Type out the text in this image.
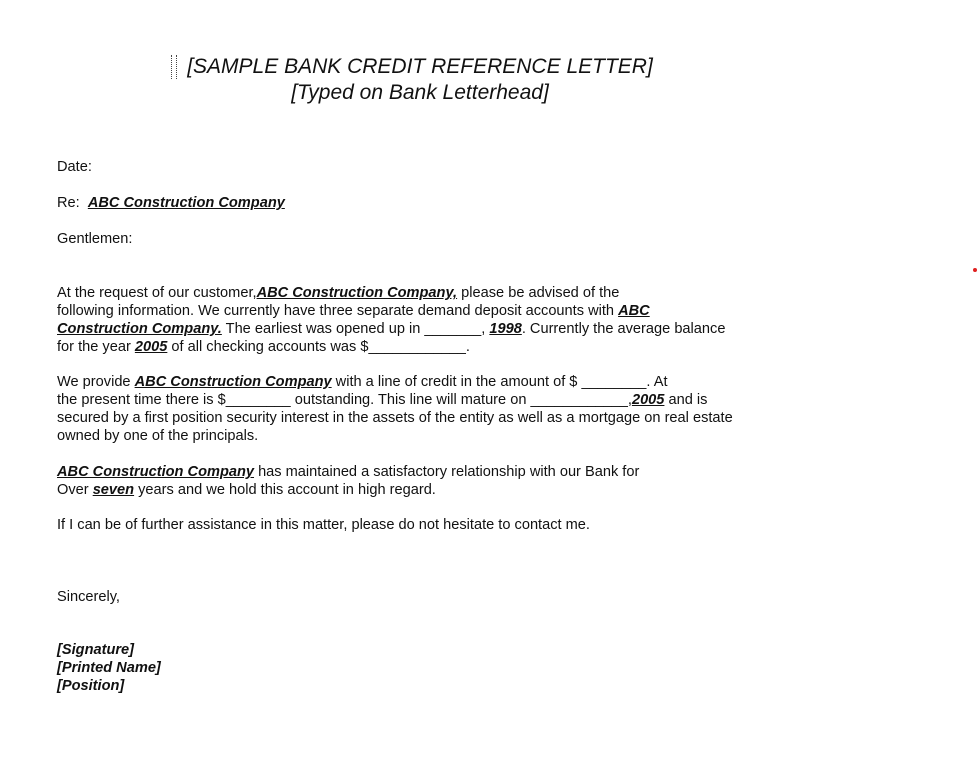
[SAMPLE BANK CREDIT REFERENCE LETTER]
[Typed on Bank Letterhead]
Date:
Re: ABC Construction Company
Gentlemen:
At the request of our customer,ABC Construction Company, please be advised of the
following information. We currently have three separate demand deposit accounts with ABC
Construction Company. The earliest was opened up in _______, 1998. Currently the average balance
for the year 2005 of all checking accounts was $____________.
We provide ABC Construction Company with a line of credit in the amount of $ ________. At
the present time there is $________ outstanding. This line will mature on ____________,2005 and is
secured by a first position security interest in the assets of the entity as well as a mortgage on real estate
owned by one of the principals.
ABC Construction Company has maintained a satisfactory relationship with our Bank for
Over seven years and we hold this account in high regard.
If I can be of further assistance in this matter, please do not hesitate to contact me.
Sincerely,
[Signature]
[Printed Name]
[Position]
